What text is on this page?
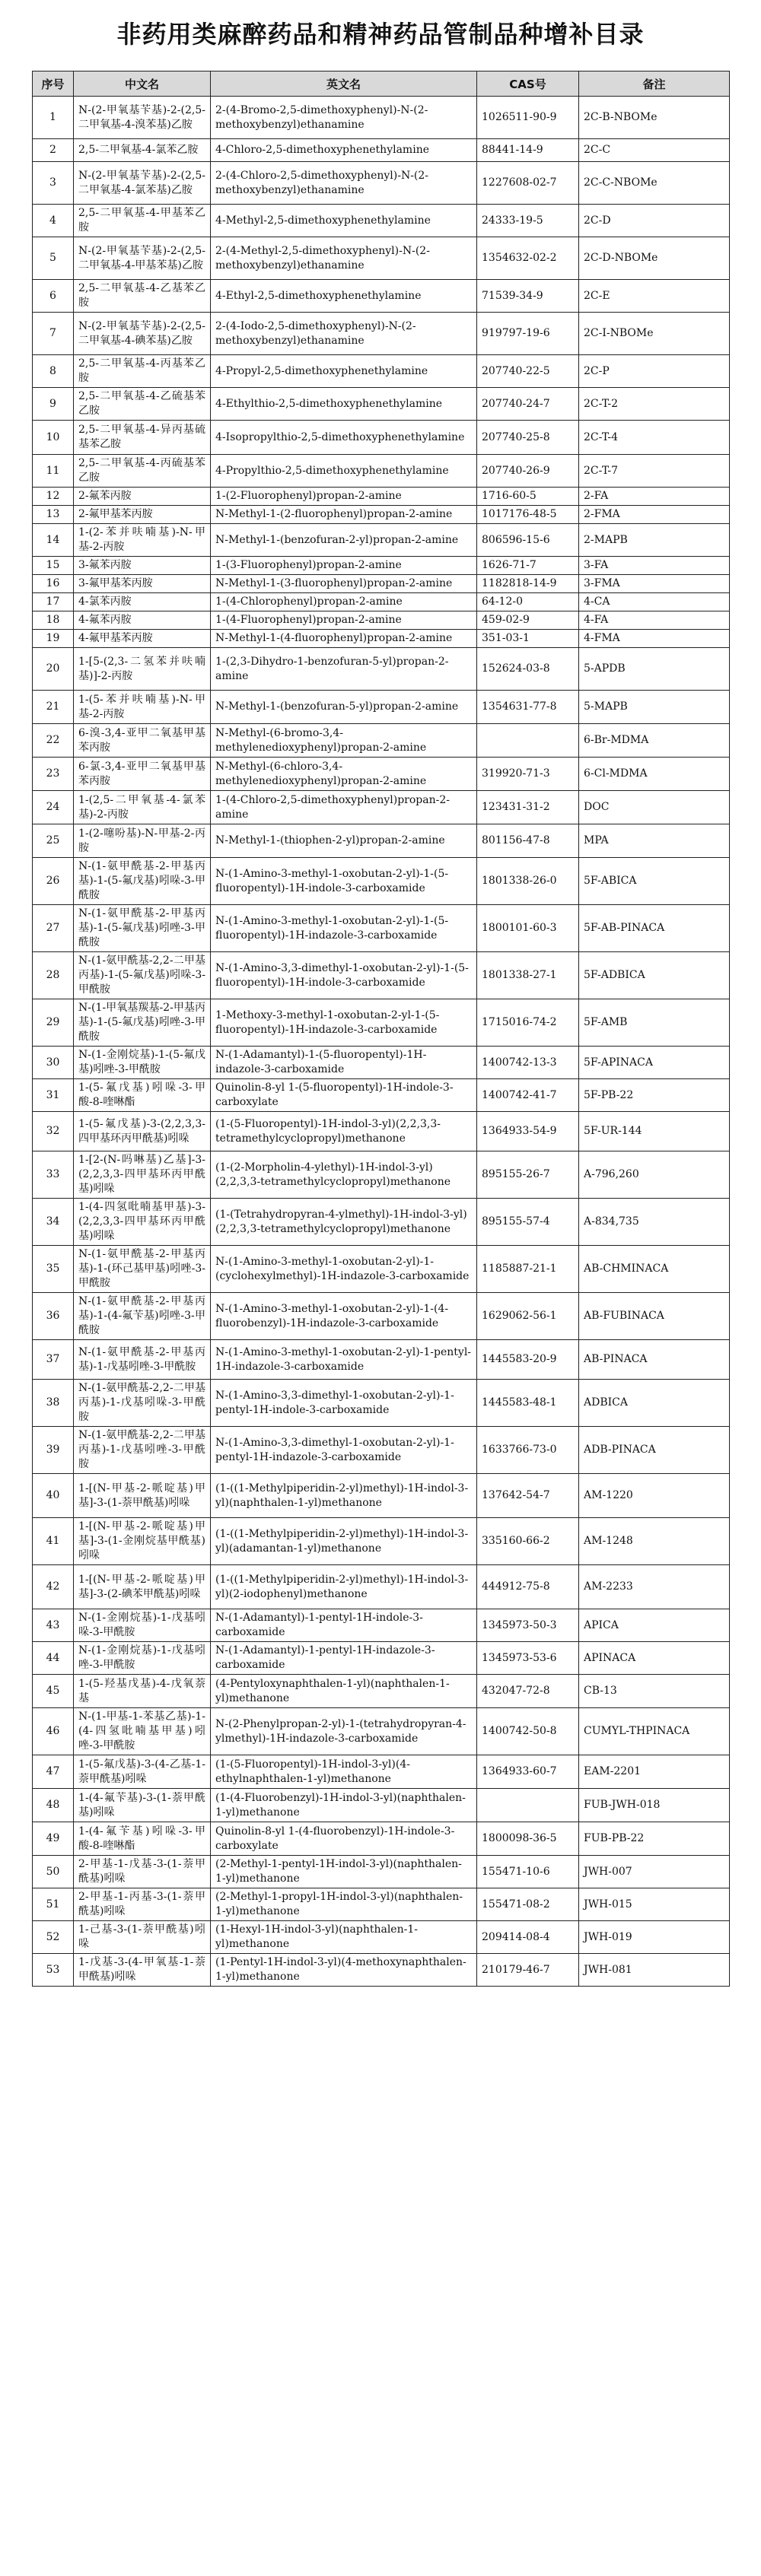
非药用类麻醉药品和精神药品管制品种增补目录
序号	中文名	英文名	CAS号	备注
1	N-(2-甲氧基苄基)-2-(2,5-二甲氧基-4-溴苯基)乙胺	2-(4-Bromo-2,5-dimethoxyphenyl)-N-(2-methoxybenzyl)ethanamine	1026511-90-9	2C-B-NBOMe
2	2,5-二甲氧基-4-氯苯乙胺	4-Chloro-2,5-dimethoxyphenethylamine	88441-14-9	2C-C
3	N-(2-甲氧基苄基)-2-(2,5-二甲氧基-4-氯苯基)乙胺	2-(4-Chloro-2,5-dimethoxyphenyl)-N-(2-methoxybenzyl)ethanamine	1227608-02-7	2C-C-NBOMe
4	2,5-二甲氧基-4-甲基苯乙胺	4-Methyl-2,5-dimethoxyphenethylamine	24333-19-5	2C-D
5	N-(2-甲氧基苄基)-2-(2,5-二甲氧基-4-甲基苯基)乙胺	2-(4-Methyl-2,5-dimethoxyphenyl)-N-(2-methoxybenzyl)ethanamine	1354632-02-2	2C-D-NBOMe
6	2,5-二甲氧基-4-乙基苯乙胺	4-Ethyl-2,5-dimethoxyphenethylamine	71539-34-9	2C-E
7	N-(2-甲氧基苄基)-2-(2,5-二甲氧基-4-碘苯基)乙胺	2-(4-Iodo-2,5-dimethoxyphenyl)-N-(2-methoxybenzyl)ethanamine	919797-19-6	2C-I-NBOMe
8	2,5-二甲氧基-4-丙基苯乙胺	4-Propyl-2,5-dimethoxyphenethylamine	207740-22-5	2C-P
9	2,5-二甲氧基-4-乙硫基苯乙胺	4-Ethylthio-2,5-dimethoxyphenethylamine	207740-24-7	2C-T-2
10	2,5-二甲氧基-4-异丙基硫基苯乙胺	4-Isopropylthio-2,5-dimethoxyphenethylamine	207740-25-8	2C-T-4
11	2,5-二甲氧基-4-丙硫基苯乙胺	4-Propylthio-2,5-dimethoxyphenethylamine	207740-26-9	2C-T-7
12	2-氟苯丙胺	1-(2-Fluorophenyl)propan-2-amine	1716-60-5	2-FA
13	2-氟甲基苯丙胺	N-Methyl-1-(2-fluorophenyl)propan-2-amine	1017176-48-5	2-FMA
14	1-(2-苯并呋喃基)-N-甲基-2-丙胺	N-Methyl-1-(benzofuran-2-yl)propan-2-amine	806596-15-6	2-MAPB
15	3-氟苯丙胺	1-(3-Fluorophenyl)propan-2-amine	1626-71-7	3-FA
16	3-氟甲基苯丙胺	N-Methyl-1-(3-fluorophenyl)propan-2-amine	1182818-14-9	3-FMA
17	4-氯苯丙胺	1-(4-Chlorophenyl)propan-2-amine	64-12-0	4-CA
18	4-氟苯丙胺	1-(4-Fluorophenyl)propan-2-amine	459-02-9	4-FA
19	4-氟甲基苯丙胺	N-Methyl-1-(4-fluorophenyl)propan-2-amine	351-03-1	4-FMA
20	1-[5-(2,3-二氢苯并呋喃基)]-2-丙胺	1-(2,3-Dihydro-1-benzofuran-5-yl)propan-2-amine	152624-03-8	5-APDB
21	1-(5-苯并呋喃基)-N-甲基-2-丙胺	N-Methyl-1-(benzofuran-5-yl)propan-2-amine	1354631-77-8	5-MAPB
22	6-溴-3,4-亚甲二氧基甲基苯丙胺	N-Methyl-(6-bromo-3,4-methylenedioxyphenyl)propan-2-amine		6-Br-MDMA
23	6-氯-3,4-亚甲二氧基甲基苯丙胺	N-Methyl-(6-chloro-3,4-methylenedioxyphenyl)propan-2-amine	319920-71-3	6-Cl-MDMA
24	1-(2,5-二甲氧基-4-氯苯基)-2-丙胺	1-(4-Chloro-2,5-dimethoxyphenyl)propan-2-amine	123431-31-2	DOC
25	1-(2-噻吩基)-N-甲基-2-丙胺	N-Methyl-1-(thiophen-2-yl)propan-2-amine	801156-47-8	MPA
26	N-(1-氨甲酰基-2-甲基丙基)-1-(5-氟戊基)吲哚-3-甲酰胺	N-(1-Amino-3-methyl-1-oxobutan-2-yl)-1-(5-fluoropentyl)-1H-indole-3-carboxamide	1801338-26-0	5F-ABICA
27	N-(1-氨甲酰基-2-甲基丙基)-1-(5-氟戊基)吲唑-3-甲酰胺	N-(1-Amino-3-methyl-1-oxobutan-2-yl)-1-(5-fluoropentyl)-1H-indazole-3-carboxamide	1800101-60-3	5F-AB-PINACA
28	N-(1-氨甲酰基-2,2-二甲基丙基)-1-(5-氟戊基)吲哚-3-甲酰胺	N-(1-Amino-3,3-dimethyl-1-oxobutan-2-yl)-1-(5-fluoropentyl)-1H-indole-3-carboxamide	1801338-27-1	5F-ADBICA
29	N-(1-甲氧基羰基-2-甲基丙基)-1-(5-氟戊基)吲唑-3-甲酰胺	1-Methoxy-3-methyl-1-oxobutan-2-yl-1-(5-fluoropentyl)-1H-indazole-3-carboxamide	1715016-74-2	5F-AMB
30	N-(1-金刚烷基)-1-(5-氟戊基)吲唑-3-甲酰胺	N-(1-Adamantyl)-1-(5-fluoropentyl)-1H-indazole-3-carboxamide	1400742-13-3	5F-APINACA
31	1-(5-氟戊基)吲哚-3-甲酸-8-喹啉酯	Quinolin-8-yl 1-(5-fluoropentyl)-1H-indole-3-carboxylate	1400742-41-7	5F-PB-22
32	1-(5-氟戊基)-3-(2,2,3,3-四甲基环丙甲酰基)吲哚	(1-(5-Fluoropentyl)-1H-indol-3-yl)(2,2,3,3-tetramethylcyclopropyl)methanone	1364933-54-9	5F-UR-144
33	1-[2-(N-吗啉基)乙基]-3-(2,2,3,3-四甲基环丙甲酰基)吲哚	(1-(2-Morpholin-4-ylethyl)-1H-indol-3-yl)(2,2,3,3-tetramethylcyclopropyl)methanone	895155-26-7	A-796,260
34	1-(4-四氢吡喃基甲基)-3-(2,2,3,3-四甲基环丙甲酰基)吲哚	(1-(Tetrahydropyran-4-ylmethyl)-1H-indol-3-yl)(2,2,3,3-tetramethylcyclopropyl)methanone	895155-57-4	A-834,735
35	N-(1-氨甲酰基-2-甲基丙基)-1-(环己基甲基)吲唑-3-甲酰胺	N-(1-Amino-3-methyl-1-oxobutan-2-yl)-1-(cyclohexylmethyl)-1H-indazole-3-carboxamide	1185887-21-1	AB-CHMINACA
36	N-(1-氨甲酰基-2-甲基丙基)-1-(4-氟苄基)吲唑-3-甲酰胺	N-(1-Amino-3-methyl-1-oxobutan-2-yl)-1-(4-fluorobenzyl)-1H-indazole-3-carboxamide	1629062-56-1	AB-FUBINACA
37	N-(1-氨甲酰基-2-甲基丙基)-1-戊基吲唑-3-甲酰胺	N-(1-Amino-3-methyl-1-oxobutan-2-yl)-1-pentyl-1H-indazole-3-carboxamide	1445583-20-9	AB-PINACA
38	N-(1-氨甲酰基-2,2-二甲基丙基)-1-戊基吲哚-3-甲酰胺	N-(1-Amino-3,3-dimethyl-1-oxobutan-2-yl)-1-pentyl-1H-indole-3-carboxamide	1445583-48-1	ADBICA
39	N-(1-氨甲酰基-2,2-二甲基丙基)-1-戊基吲唑-3-甲酰胺	N-(1-Amino-3,3-dimethyl-1-oxobutan-2-yl)-1-pentyl-1H-indazole-3-carboxamide	1633766-73-0	ADB-PINACA
40	1-[(N-甲基-2-哌啶基)甲基]-3-(1-萘甲酰基)吲哚	(1-((1-Methylpiperidin-2-yl)methyl)-1H-indol-3-yl)(naphthalen-1-yl)methanone	137642-54-7	AM-1220
41	1-[(N-甲基-2-哌啶基)甲基]-3-(1-金刚烷基甲酰基)吲哚	(1-((1-Methylpiperidin-2-yl)methyl)-1H-indol-3-yl)(adamantan-1-yl)methanone	335160-66-2	AM-1248
42	1-[(N-甲基-2-哌啶基)甲基]-3-(2-碘苯甲酰基)吲哚	(1-((1-Methylpiperidin-2-yl)methyl)-1H-indol-3-yl)(2-iodophenyl)methanone	444912-75-8	AM-2233
43	N-(1-金刚烷基)-1-戊基吲哚-3-甲酰胺	N-(1-Adamantyl)-1-pentyl-1H-indole-3-carboxamide	1345973-50-3	APICA
44	N-(1-金刚烷基)-1-戊基吲唑-3-甲酰胺	N-(1-Adamantyl)-1-pentyl-1H-indazole-3-carboxamide	1345973-53-6	APINACA
45	1-(5-羟基戊基)-4-戊氧萘基	(4-Pentyloxynaphthalen-1-yl)(naphthalen-1-yl)methanone	432047-72-8	CB-13
46	N-(1-甲基-1-苯基乙基)-1-(4-四氢吡喃基甲基)吲唑-3-甲酰胺	N-(2-Phenylpropan-2-yl)-1-(tetrahydropyran-4-ylmethyl)-1H-indazole-3-carboxamide	1400742-50-8	CUMYL-THPINACA
47	1-(5-氟戊基)-3-(4-乙基-1-萘甲酰基)吲哚	(1-(5-Fluoropentyl)-1H-indol-3-yl)(4-ethylnaphthalen-1-yl)methanone	1364933-60-7	EAM-2201
48	1-(4-氟苄基)-3-(1-萘甲酰基)吲哚	(1-(4-Fluorobenzyl)-1H-indol-3-yl)(naphthalen-1-yl)methanone		FUB-JWH-018
49	1-(4-氟苄基)吲哚-3-甲酸-8-喹啉酯	Quinolin-8-yl 1-(4-fluorobenzyl)-1H-indole-3-carboxylate	1800098-36-5	FUB-PB-22
50	2-甲基-1-戊基-3-(1-萘甲酰基)吲哚	(2-Methyl-1-pentyl-1H-indol-3-yl)(naphthalen-1-yl)methanone	155471-10-6	JWH-007
51	2-甲基-1-丙基-3-(1-萘甲酰基)吲哚	(2-Methyl-1-propyl-1H-indol-3-yl)(naphthalen-1-yl)methanone	155471-08-2	JWH-015
52	1-己基-3-(1-萘甲酰基)吲哚	(1-Hexyl-1H-indol-3-yl)(naphthalen-1-yl)methanone	209414-08-4	JWH-019
53	1-戊基-3-(4-甲氧基-1-萘甲酰基)吲哚	(1-Pentyl-1H-indol-3-yl)(4-methoxynaphthalen-1-yl)methanone	210179-46-7	JWH-081
